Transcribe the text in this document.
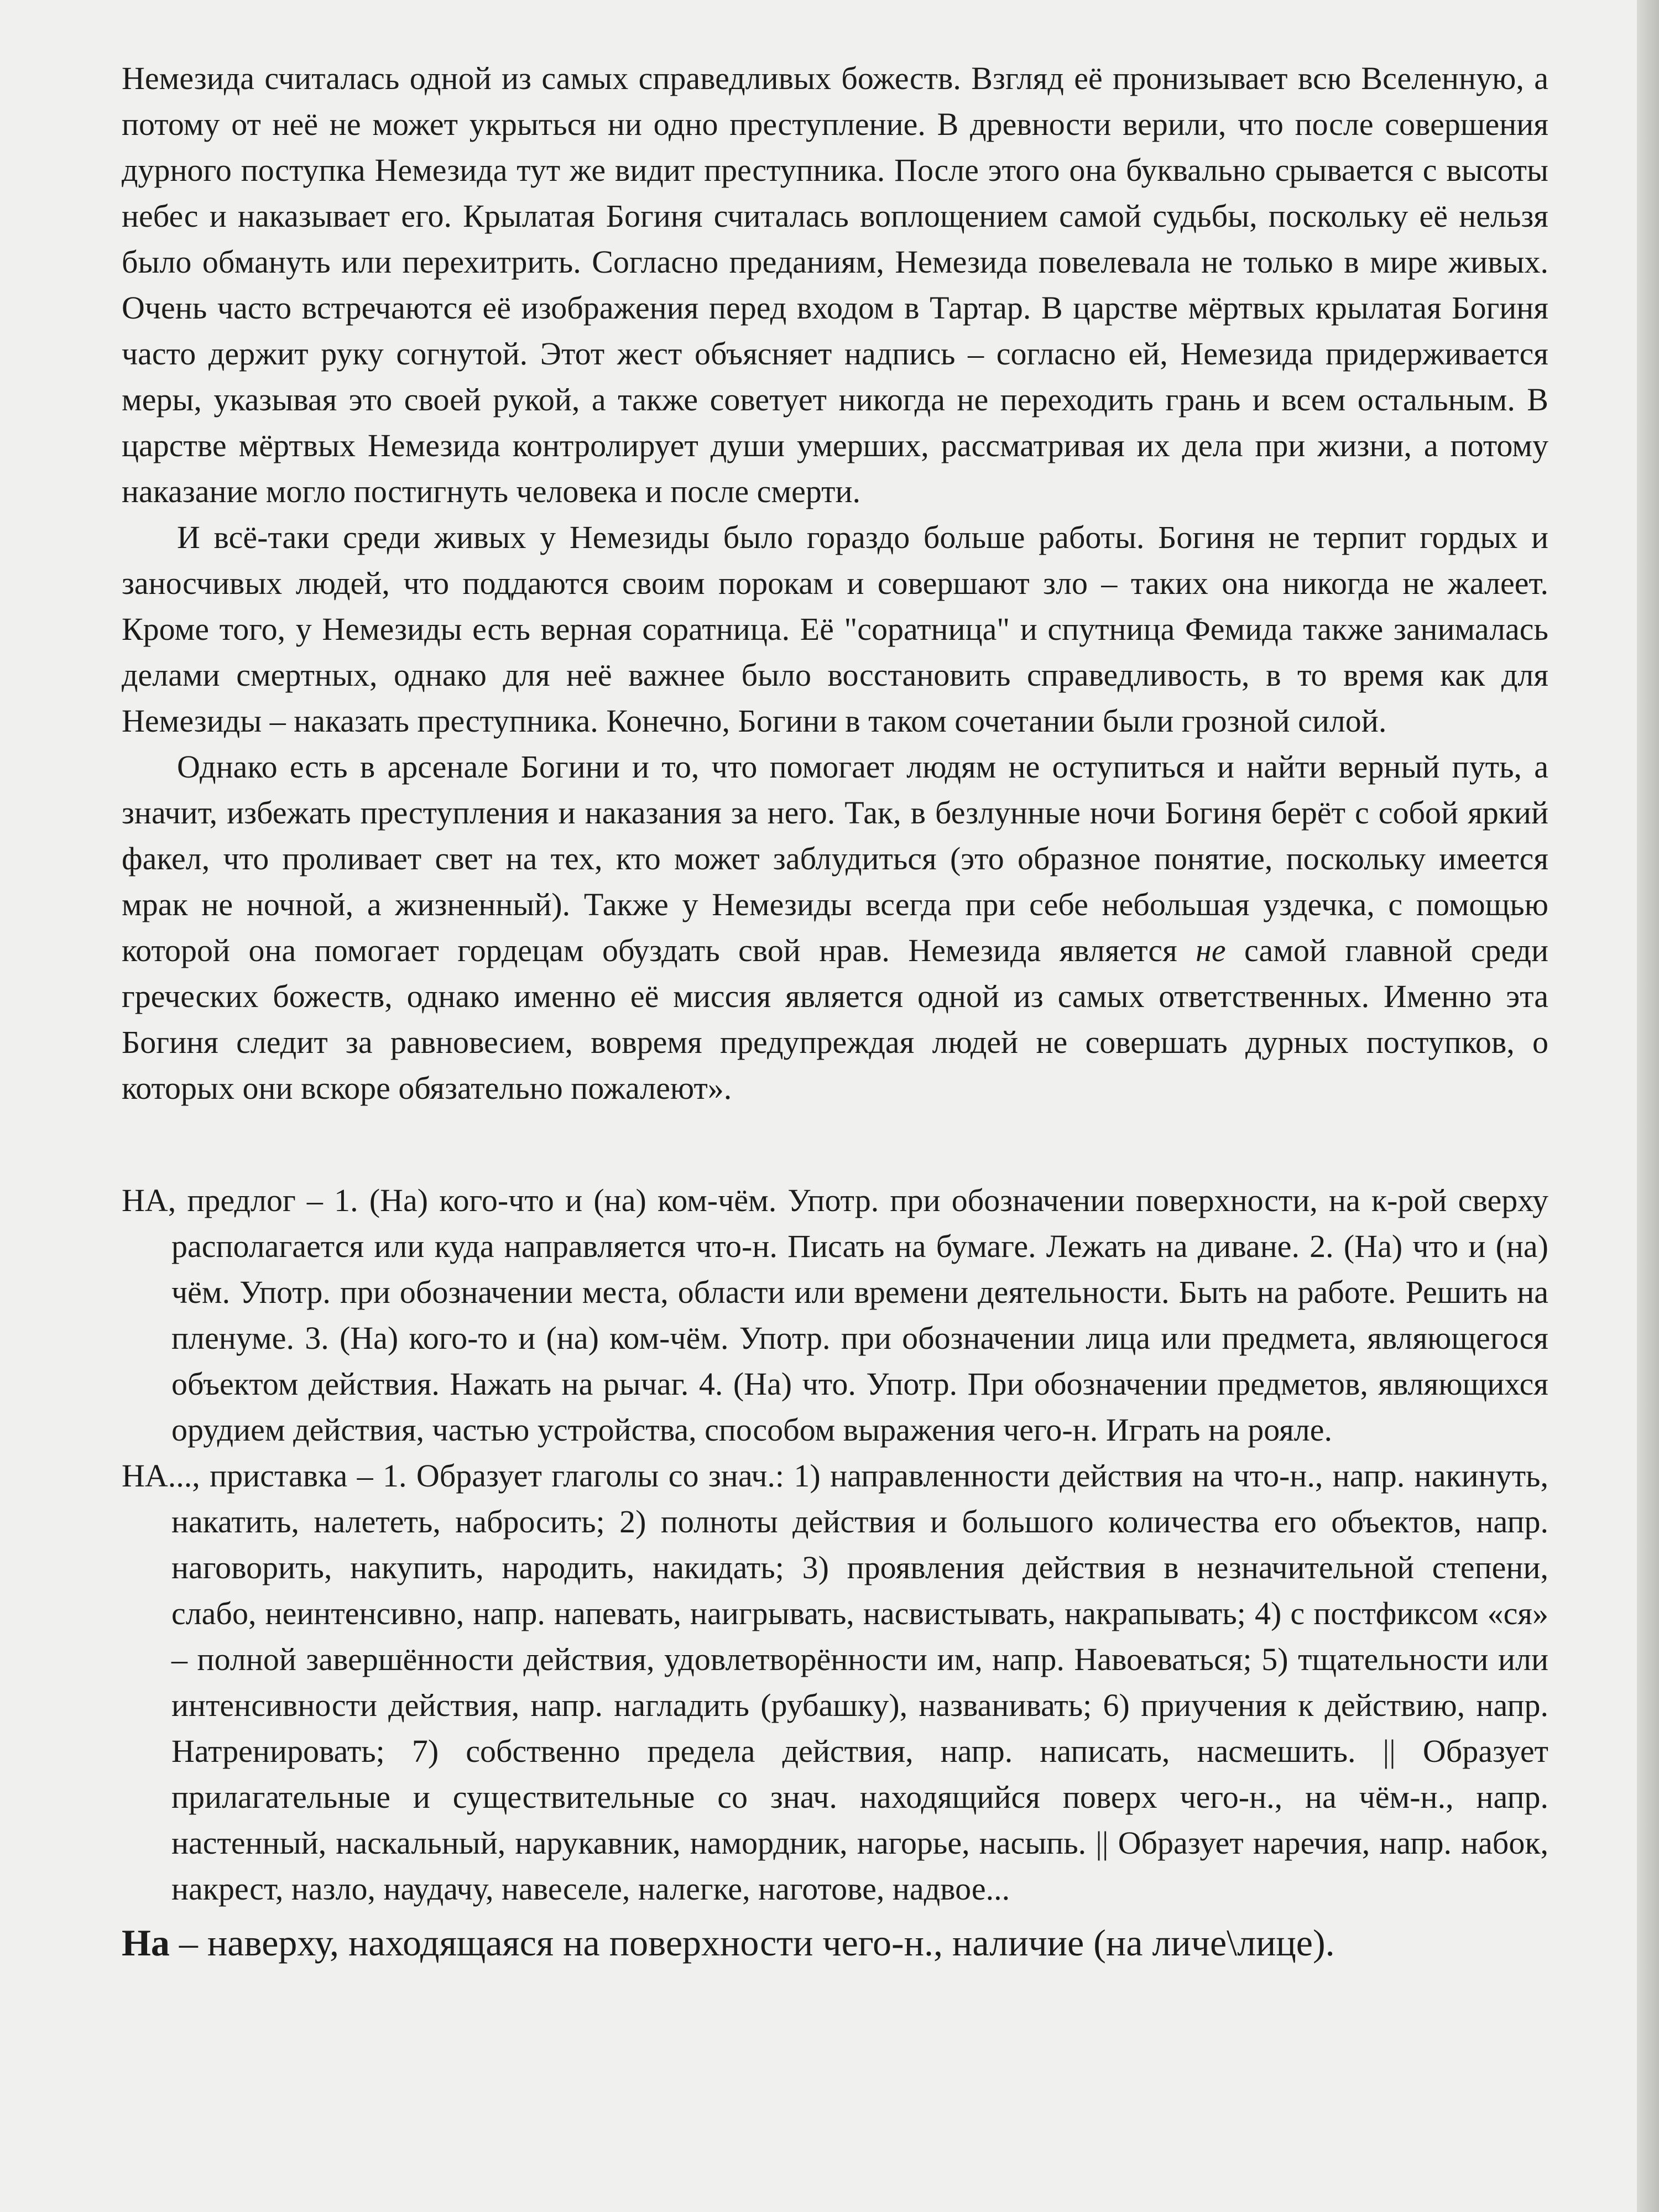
Немезида считалась одной из самых справедливых божеств. Взгляд её пронизывает всю Вселенную, а потому от неё не может укрыться ни одно преступление. В древности верили, что после совершения дурного поступка Немезида тут же видит преступника. После этого она буквально срывается с высоты небес и наказывает его. Крылатая Богиня считалась воплощением самой судьбы, поскольку её нельзя было обмануть или перехитрить. Согласно преданиям, Немезида повелевала не только в мире живых. Очень часто встречаются её изображения перед входом в Тартар. В царстве мёртвых крылатая Богиня часто держит руку согнутой. Этот жест объясняет надпись – согласно ей, Немезида придерживается меры, указывая это своей рукой, а также советует никогда не переходить грань и всем остальным. В царстве мёртвых Немезида контролирует души умерших, рассматривая их дела при жизни, а потому наказание могло постигнуть человека и после смерти.

И всё-таки среди живых у Немезиды было гораздо больше работы. Богиня не терпит гордых и заносчивых людей, что поддаются своим порокам и совершают зло – таких она никогда не жалеет. Кроме того, у Немезиды есть верная соратница. Её "соратница" и спутница Фемида также занималась делами смертных, однако для неё важнее было восстановить справедливость, в то время как для Немезиды – наказать преступника. Конечно, Богини в таком сочетании были грозной силой.

Однако есть в арсенале Богини и то, что помогает людям не оступиться и найти верный путь, а значит, избежать преступления и наказания за него. Так, в безлунные ночи Богиня берёт с собой яркий факел, что проливает свет на тех, кто может заблудиться (это образное понятие, поскольку имеется мрак не ночной, а жизненный). Также у Немезиды всегда при себе небольшая уздечка, с помощью которой она помогает гордецам обуздать свой нрав. Немезида является не самой главной среди греческих божеств, однако именно её миссия является одной из самых ответственных. Именно эта Богиня следит за равновесием, вовремя предупреждая людей не совершать дурных поступков, о которых они вскоре обязательно пожалеют».

НА, предлог – 1. (На) кого-что и (на) ком-чём. Употр. при обозначении поверхности, на к-рой сверху располагается или куда направляется что-н. Писать на бумаге. Лежать на диване. 2. (На) что и (на) чём. Употр. при обозначении места, области или времени деятельности. Быть на работе. Решить на пленуме. 3. (На) кого-то и (на) ком-чём. Употр. при обозначении лица или предмета, являющегося объектом действия. Нажать на рычаг. 4. (На) что. Употр. При обозначении предметов, являющихся орудием действия, частью устройства, способом выражения чего-н. Играть на рояле.

НА..., приставка – 1. Образует глаголы со знач.: 1) направленности действия на что-н., напр. накинуть, накатить, налететь, набросить; 2) полноты действия и большого количества его объектов, напр. наговорить, накупить, народить, накидать; 3) проявления действия в незначительной степени, слабо, неинтенсивно, напр. напевать, наигрывать, насвистывать, накрапывать; 4) с постфиксом «ся» – полной завершённости действия, удовлетворённости им, напр. Навоеваться; 5) тщательности или интенсивности действия, напр. нагладить (рубашку), названивать; 6) приучения к действию, напр. Натренировать; 7) собственно предела действия, напр. написать, насмешить. || Образует прилагательные и существительные со знач. находящийся поверх чего-н., на чём-н., напр. настенный, наскальный, нарукавник, намордник, нагорье, насыпь. || Образует наречия, напр. набок, накрест, назло, наудачу, навеселе, налегке, наготове, надвое...

На – наверху, находящаяся на поверхности чего-н., наличие (на личе\лице).
